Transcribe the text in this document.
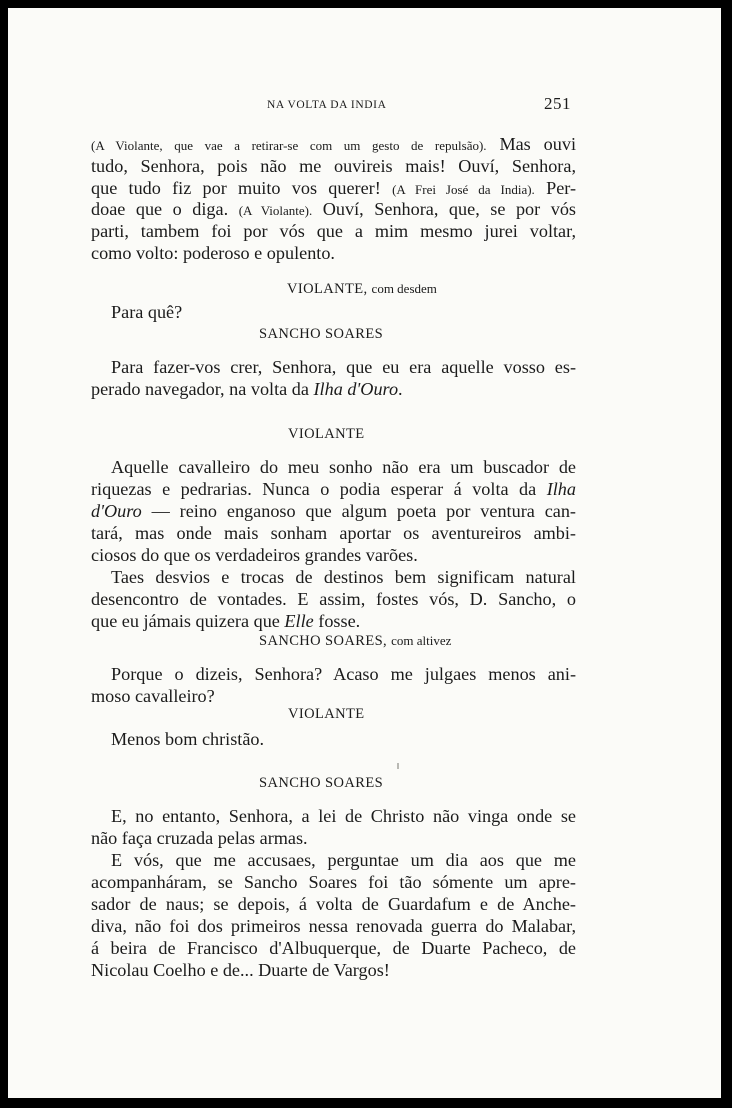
NA VOLTA DA INDIA	251
(A Violante, que vae a retirar-se com um gesto de repulsão). Mas ouvi
tudo, Senhora, pois não me ouvireis mais! Ouví, Senhora,
que tudo fiz por muito vos querer! (A Frei José da India). Per-
doae que o diga. (A Violante). Ouví, Senhora, que, se por vós
parti, tambem foi por vós que a mim mesmo jurei voltar,
como volto: poderoso e opulento.
VIOLANTE, com desdem
Para quê?
SANCHO SOARES
Para fazer-vos crer, Senhora, que eu era aquelle vosso es-
perado navegador, na volta da Ilha d'Ouro.
VIOLANTE
Aquelle cavalleiro do meu sonho não era um buscador de
riquezas e pedrarias. Nunca o podia esperar á volta da Ilha
d'Ouro — reino enganoso que algum poeta por ventura can-
tará, mas onde mais sonham aportar os aventureiros ambi-
ciosos do que os verdadeiros grandes varões.
Taes desvios e trocas de destinos bem significam natural
desencontro de vontades. E assim, fostes vós, D. Sancho, o
que eu jámais quizera que Elle fosse.
SANCHO SOARES, com altivez
Porque o dizeis, Senhora? Acaso me julgaes menos ani-
moso cavalleiro?
VIOLANTE
Menos bom christão.
SANCHO SOARES
E, no entanto, Senhora, a lei de Christo não vinga onde se
não faça cruzada pelas armas.
E vós, que me accusaes, perguntae um dia aos que me
acompanháram, se Sancho Soares foi tão sómente um apre-
sador de naus; se depois, á volta de Guardafum e de Anche-
diva, não foi dos primeiros nessa renovada guerra do Malabar,
á beira de Francisco d'Albuquerque, de Duarte Pacheco, de
Nicolau Coelho e de... Duarte de Vargos!
